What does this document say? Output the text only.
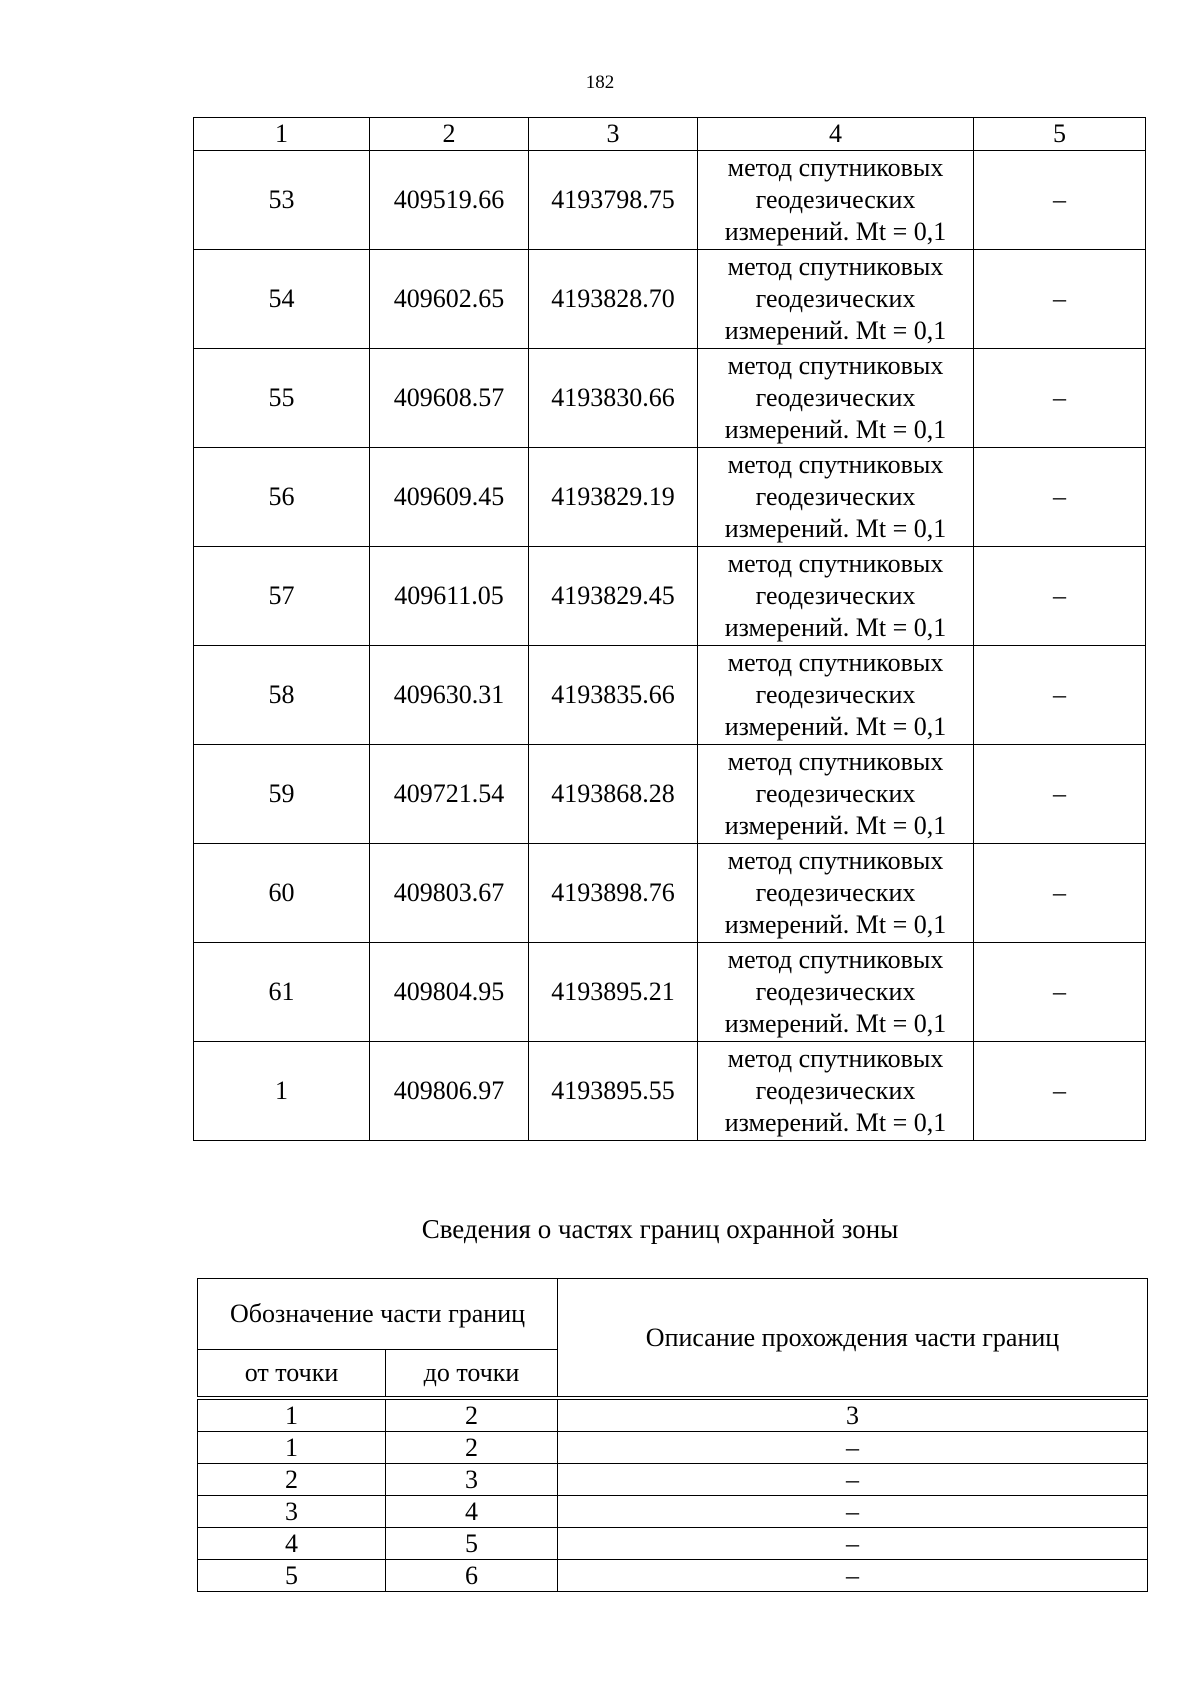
182
1	2	3	4	5
53	409519.66	4193798.75	метод спутниковых геодезических измерений. Mt = 0,1	–
54	409602.65	4193828.70	метод спутниковых геодезических измерений. Mt = 0,1	–
55	409608.57	4193830.66	метод спутниковых геодезических измерений. Mt = 0,1	–
56	409609.45	4193829.19	метод спутниковых геодезических измерений. Mt = 0,1	–
57	409611.05	4193829.45	метод спутниковых геодезических измерений. Mt = 0,1	–
58	409630.31	4193835.66	метод спутниковых геодезических измерений. Mt = 0,1	–
59	409721.54	4193868.28	метод спутниковых геодезических измерений. Mt = 0,1	–
60	409803.67	4193898.76	метод спутниковых геодезических измерений. Mt = 0,1	–
61	409804.95	4193895.21	метод спутниковых геодезических измерений. Mt = 0,1	–
1	409806.97	4193895.55	метод спутниковых геодезических измерений. Mt = 0,1	–
Сведения о частях границ охранной зоны
Обозначение части границ		Описание прохождения части границ
от точки	до точки	

1	2	3
1	2	–
2	3	–
3	4	–
4	5	–
5	6	–
